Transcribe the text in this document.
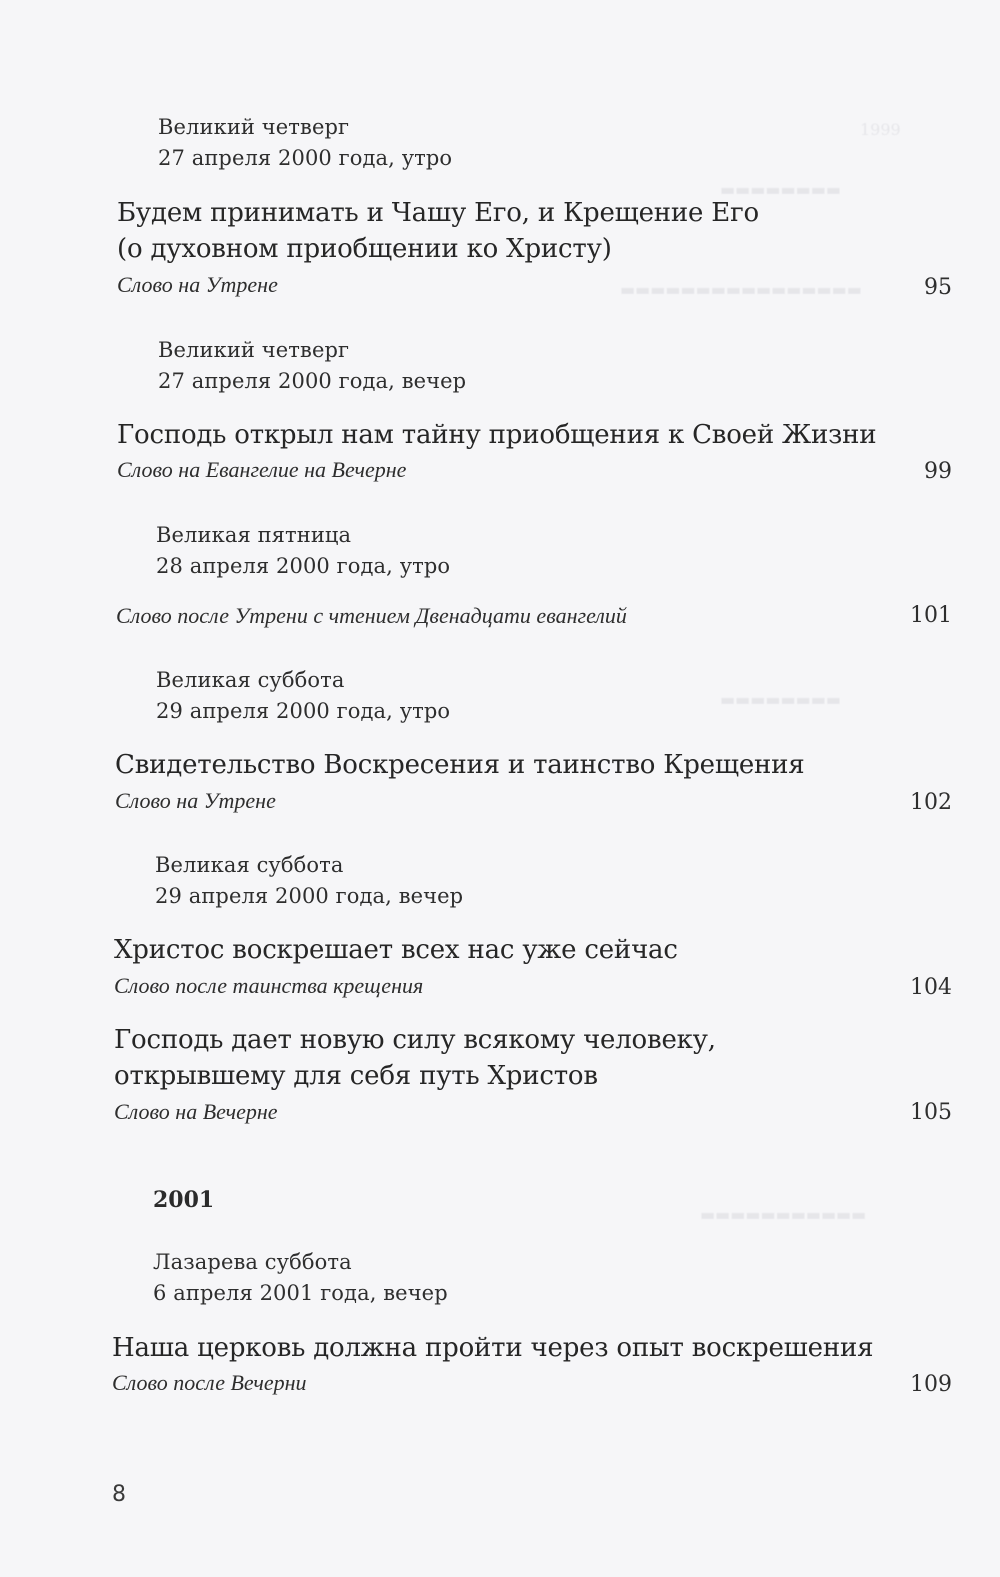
1999
▬▬▬▬▬▬▬▬
▬▬▬▬▬▬▬▬▬▬▬▬▬▬▬▬
▬▬▬▬▬▬▬▬
▬▬▬▬▬▬▬▬▬▬▬
Великий четверг
27 апреля 2000 года, утро
Будем принимать и Чашу Его, и Крещение Его
(о духовном приобщении ко Христу)
Слово на Утрене	95
Великий четверг
27 апреля 2000 года, вечер
Господь открыл нам тайну приобщения к Своей Жизни
Слово на Евангелие на Вечерне	99
Великая пятница
28 апреля 2000 года, утро
Слово после Утрени с чтением Двенадцати евангелий	101
Великая суббота
29 апреля 2000 года, утро
Свидетельство Воскресения и таинство Крещения
Слово на Утрене	102
Великая суббота
29 апреля 2000 года, вечер
Христос воскрешает всех нас уже сейчас
Слово после таинства крещения	104
Господь дает новую силу всякому человеку,
открывшему для себя путь Христов
Слово на Вечерне	105
2001
Лазарева суббота
6 апреля 2001 года, вечер
Наша церковь должна пройти через опыт воскрешения
Слово после Вечерни	109
8
